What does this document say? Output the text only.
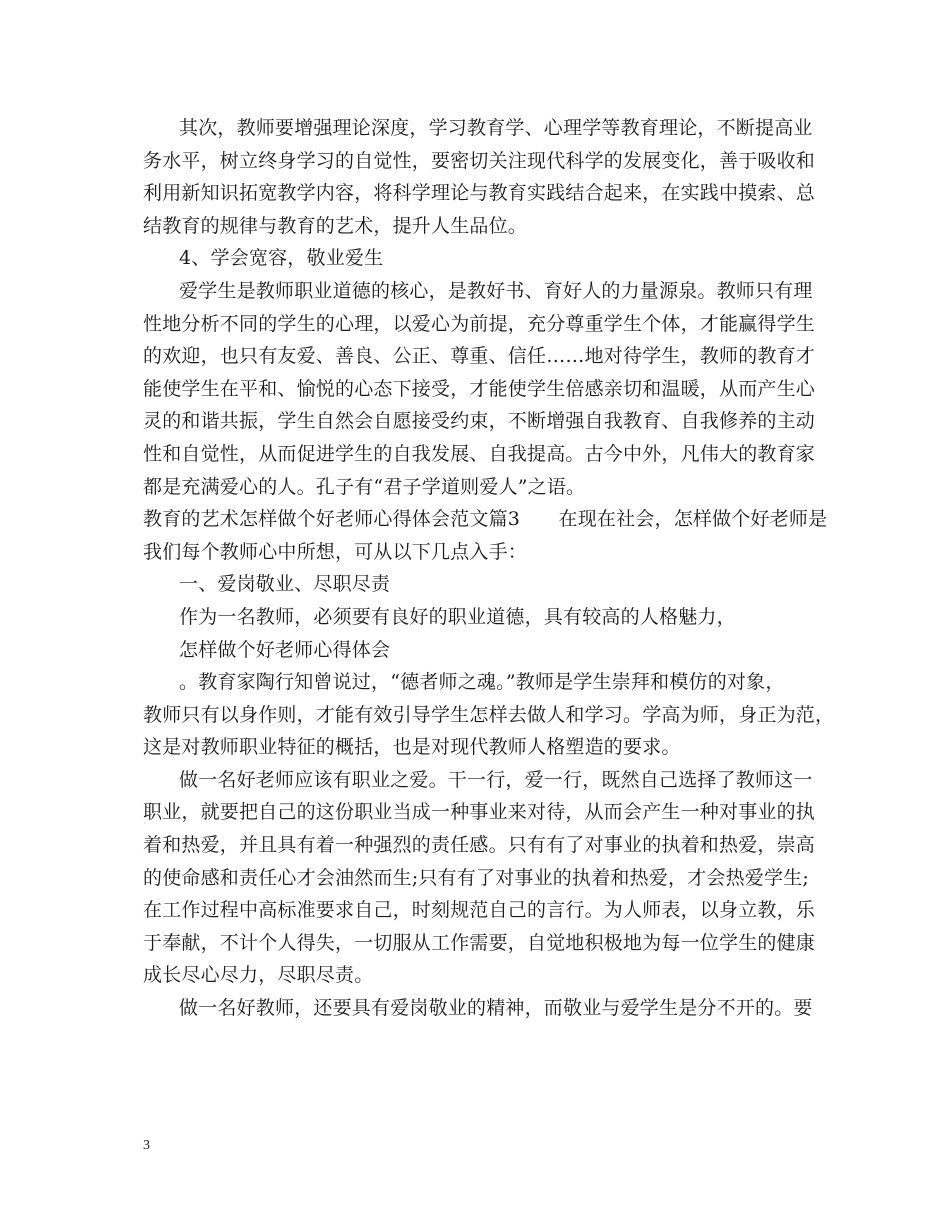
其次，教师要增强理论深度，学习教育学、心理学等教育理论，不断提高业
务水平，树立终身学习的自觉性，要密切关注现代科学的发展变化，善于吸收和
利用新知识拓宽教学内容，将科学理论与教育实践结合起来，在实践中摸索、总
结教育的规律与教育的艺术，提升人生品位。
4、学会宽容，敬业爱生
爱学生是教师职业道德的核心，是教好书、育好人的力量源泉。教师只有理
性地分析不同的学生的心理，以爱心为前提，充分尊重学生个体，才能赢得学生
的欢迎，也只有友爱、善良、公正、尊重、信任……地对待学生，教师的教育才
能使学生在平和、愉悦的心态下接受，才能使学生倍感亲切和温暖，从而产生心
灵的和谐共振，学生自然会自愿接受约束，不断增强自我教育、自我修养的主动
性和自觉性，从而促进学生的自我发展、自我提高。古今中外，凡伟大的教育家
都是充满爱心的人。孔子有“君子学道则爱人”之语。
教育的艺术怎样做个好老师心得体会范文篇3　　在现在社会，怎样做个好老师是
我们每个教师心中所想，可从以下几点入手：
一、爱岗敬业、尽职尽责
作为一名教师，必须要有良好的职业道德，具有较高的人格魅力，
怎样做个好老师心得体会
。教育家陶行知曾说过，“德者师之魂。”教师是学生崇拜和模仿的对象，
教师只有以身作则，才能有效引导学生怎样去做人和学习。学高为师，身正为范，
这是对教师职业特征的概括，也是对现代教师人格塑造的要求。
做一名好老师应该有职业之爱。干一行，爱一行，既然自己选择了教师这一
职业，就要把自己的这份职业当成一种事业来对待，从而会产生一种对事业的执
着和热爱，并且具有着一种强烈的责任感。只有有了对事业的执着和热爱，崇高
的使命感和责任心才会油然而生;只有有了对事业的执着和热爱，才会热爱学生;
在工作过程中高标准要求自己，时刻规范自己的言行。为人师表，以身立教，乐
于奉献，不计个人得失，一切服从工作需要，自觉地积极地为每一位学生的健康
成长尽心尽力，尽职尽责。
做一名好教师，还要具有爱岗敬业的精神，而敬业与爱学生是分不开的。要
3
